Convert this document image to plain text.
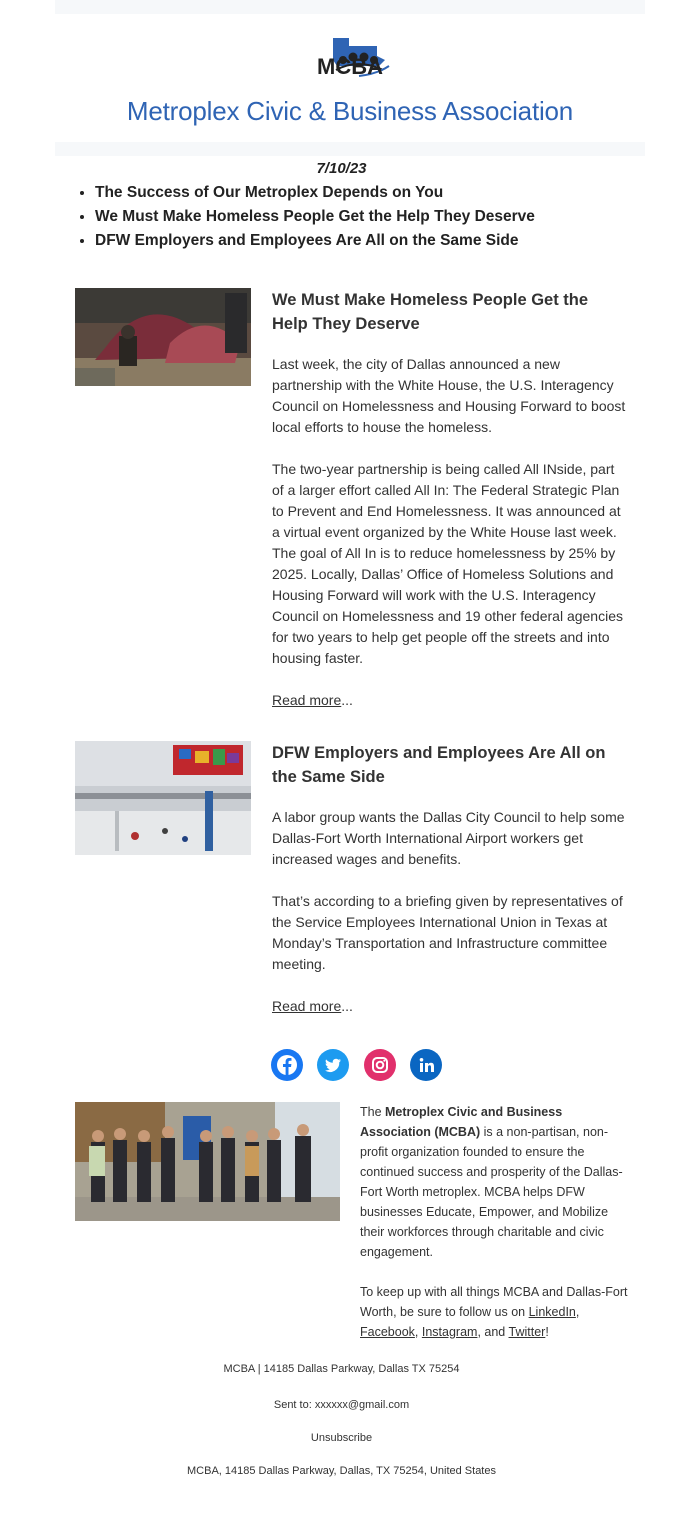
MCBA
Metroplex Civic & Business Association
7/10/23
• The Success of Our Metroplex Depends on You
• We Must Make Homeless People Get the Help They Deserve
• DFW Employers and Employees Are All on the Same Side
We Must Make Homeless People Get the Help They Deserve

Last week, the city of Dallas announced a new partnership with the White House, the U.S. Interagency Council on Homelessness and Housing Forward to boost local efforts to house the homeless.

The two-year partnership is being called All INside, part of a larger effort called All In: The Federal Strategic Plan to Prevent and End Homelessness. It was announced at a virtual event organized by the White House last week. The goal of All In is to reduce homelessness by 25% by 2025. Locally, Dallas’ Office of Homeless Solutions and Housing Forward will work with the U.S. Interagency Council on Homelessness and 19 other federal agencies for two years to help get people off the streets and into housing faster.

Read more...

DFW Employers and Employees Are All on the Same Side

A labor group wants the Dallas City Council to help some Dallas-Fort Worth International Airport workers get increased wages and benefits.

That’s according to a briefing given by representatives of the Service Employees International Union in Texas at Monday’s Transportation and Infrastructure committee meeting.

Read more...

The Metroplex Civic and Business Association (MCBA) is a non-partisan, non-profit organization founded to ensure the continued success and prosperity of the Dallas-Fort Worth metroplex. MCBA helps DFW businesses Educate, Empower, and Mobilize their workforces through charitable and civic engagement.

To keep up with all things MCBA and Dallas-Fort Worth, be sure to follow us on LinkedIn, Facebook, Instagram, and Twitter!

MCBA | 14185 Dallas Parkway, Dallas TX 75254
Sent to: xxxxxx@gmail.com
Unsubscribe
MCBA, 14185 Dallas Parkway, Dallas, TX 75254, United States
